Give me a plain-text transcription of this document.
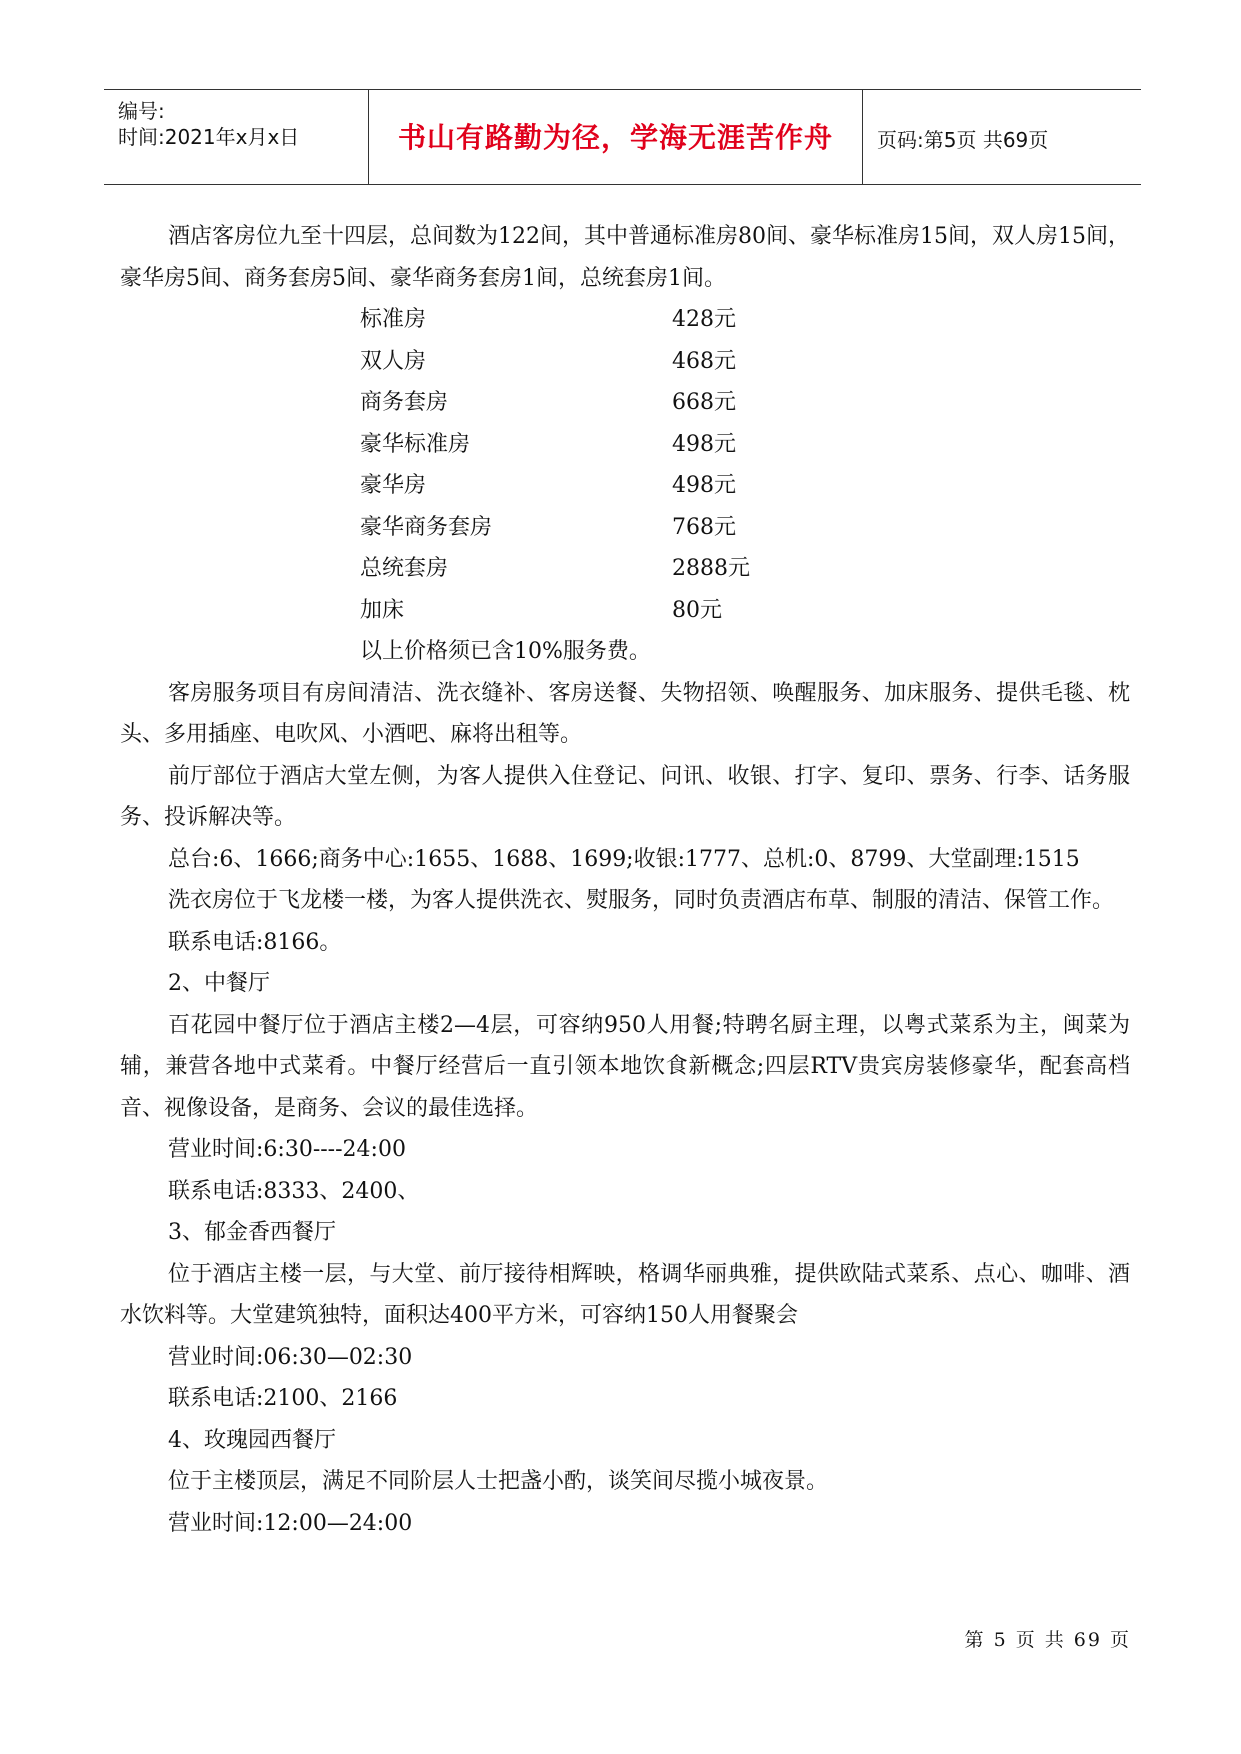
编号:
时间:2021年x月x日	书山有路勤为径，学海无涯苦作舟	页码:第5页 共69页

酒店客房位九至十四层，总间数为122间，其中普通标准房80间、豪华标准房15间，双人房15间，豪华房5间、商务套房5间、豪华商务套房1间，总统套房1间。

标准房	428元
双人房	468元
商务套房	668元
豪华标准房	498元
豪华房	498元
豪华商务套房	768元
总统套房	2888元
加床	80元

以上价格须已含10%服务费。

客房服务项目有房间清洁、洗衣缝补、客房送餐、失物招领、唤醒服务、加床服务、提供毛毯、枕头、多用插座、电吹风、小酒吧、麻将出租等。

前厅部位于酒店大堂左侧，为客人提供入住登记、问讯、收银、打字、复印、票务、行李、话务服务、投诉解决等。

总台:6、1666;商务中心:1655、1688、1699;收银:1777、总机:0、8799、大堂副理:1515

洗衣房位于飞龙楼一楼，为客人提供洗衣、熨服务，同时负责酒店布草、制服的清洁、保管工作。

联系电话:8166。

2、中餐厅

百花园中餐厅位于酒店主楼2—4层，可容纳950人用餐;特聘名厨主理，以粤式菜系为主，闽菜为辅，兼营各地中式菜肴。中餐厅经营后一直引领本地饮食新概念;四层RTV贵宾房装修豪华，配套高档音、视像设备，是商务、会议的最佳选择。

营业时间:6:30----24:00

联系电话:8333、2400、

3、郁金香西餐厅

位于酒店主楼一层，与大堂、前厅接待相辉映，格调华丽典雅，提供欧陆式菜系、点心、咖啡、酒水饮料等。大堂建筑独特，面积达400平方米，可容纳150人用餐聚会

营业时间:06:30—02:30

联系电话:2100、2166

4、玫瑰园西餐厅

位于主楼顶层，满足不同阶层人士把盏小酌，谈笑间尽揽小城夜景。

营业时间:12:00—24:00

第 5 页 共 69 页
